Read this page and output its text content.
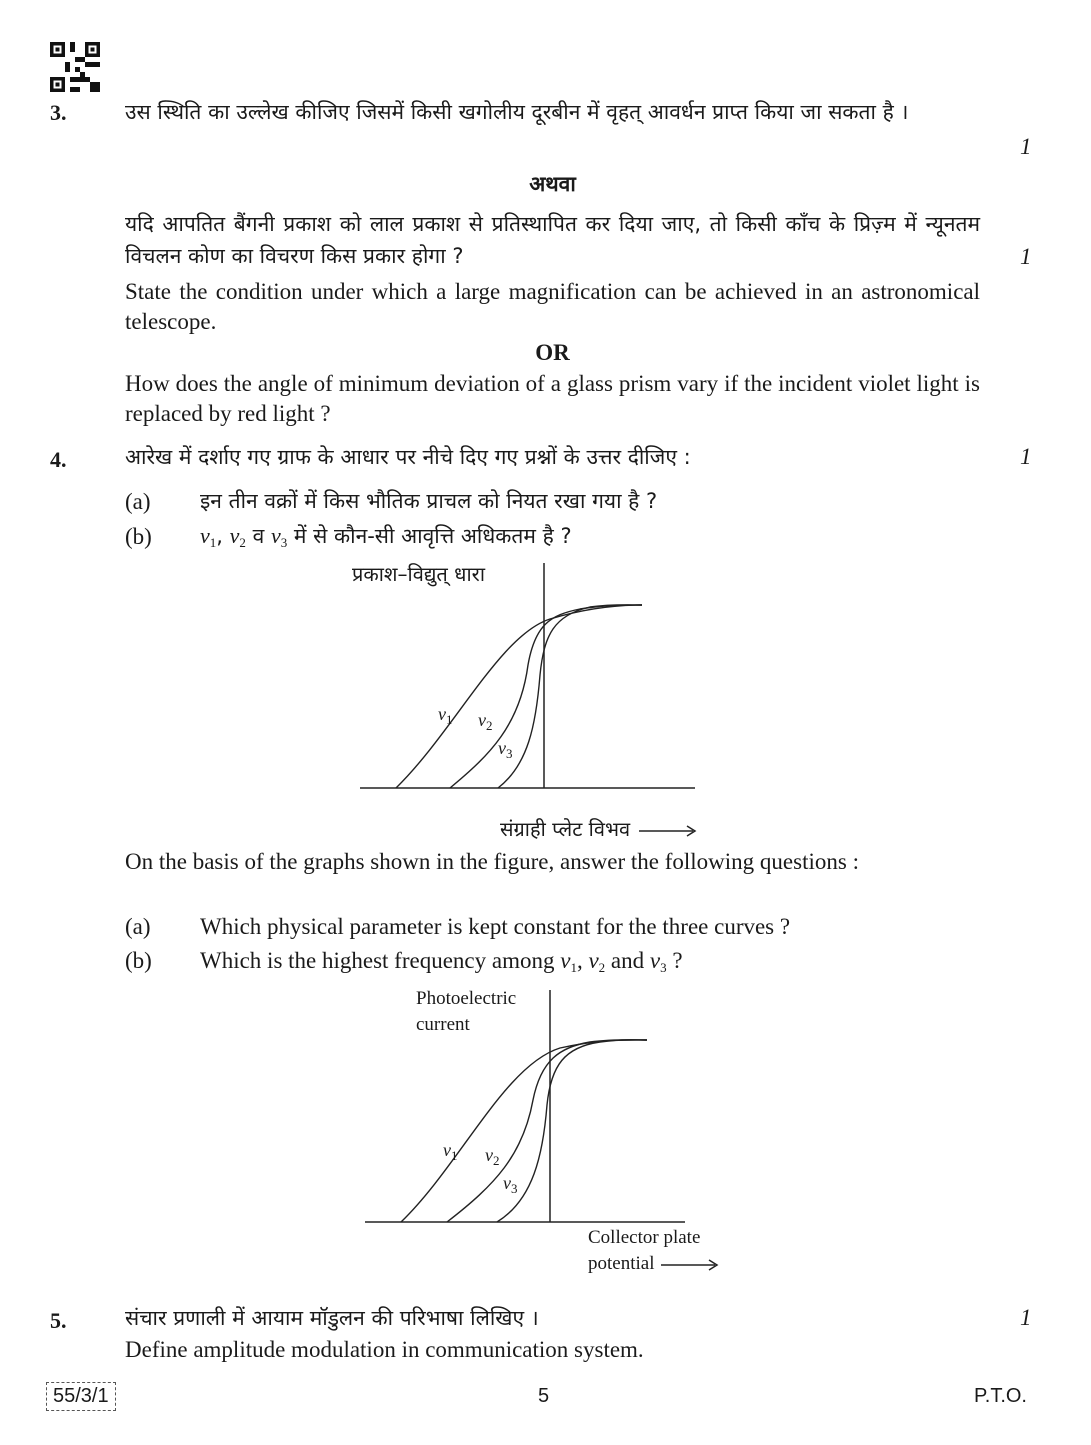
3.	उस स्थिति का उल्लेख कीजिए जिसमें किसी खगोलीय दूरबीन में वृहत् आवर्धन प्राप्त किया जा सकता है ।
1
अथवा
यदि आपतित बैंगनी प्रकाश को लाल प्रकाश से प्रतिस्थापित कर दिया जाए, तो किसी काँच के प्रिज़्म में न्यूनतम विचलन कोण का विचरण किस प्रकार होगा ?	1
State the condition under which a large magnification can be achieved in an astronomical telescope.
OR
How does the angle of minimum deviation of a glass prism vary if the incident violet light is replaced by red light ?
4.	आरेख में दर्शाए गए ग्राफ के आधार पर नीचे दिए गए प्रश्नों के उत्तर दीजिए :	1
(a) इन तीन वक्रों में किस भौतिक प्राचल को नियत रखा गया है ?
(b) $v_1$, $v_2$ व $v_3$ में से कौन-सी आवृत्ति अधिकतम है ?
प्रकाश–विद्युत् धारा
$v_1$ $v_2$
$v_3$
संग्राही प्लेट विभव
On the basis of the graphs shown in the figure, answer the following questions :
(a) Which physical parameter is kept constant for the three curves ?
(b) Which is the highest frequency among $v_1$, $v_2$ and $v_3$ ?
Photoelectric
current
$v_1$ $v_2$
$v_3$
Collector plate
potential
5.	संचार प्रणाली में आयाम मॉडुलन की परिभाषा लिखिए ।	1
Define amplitude modulation in communication system.
55/3/1	5	P.T.O.
